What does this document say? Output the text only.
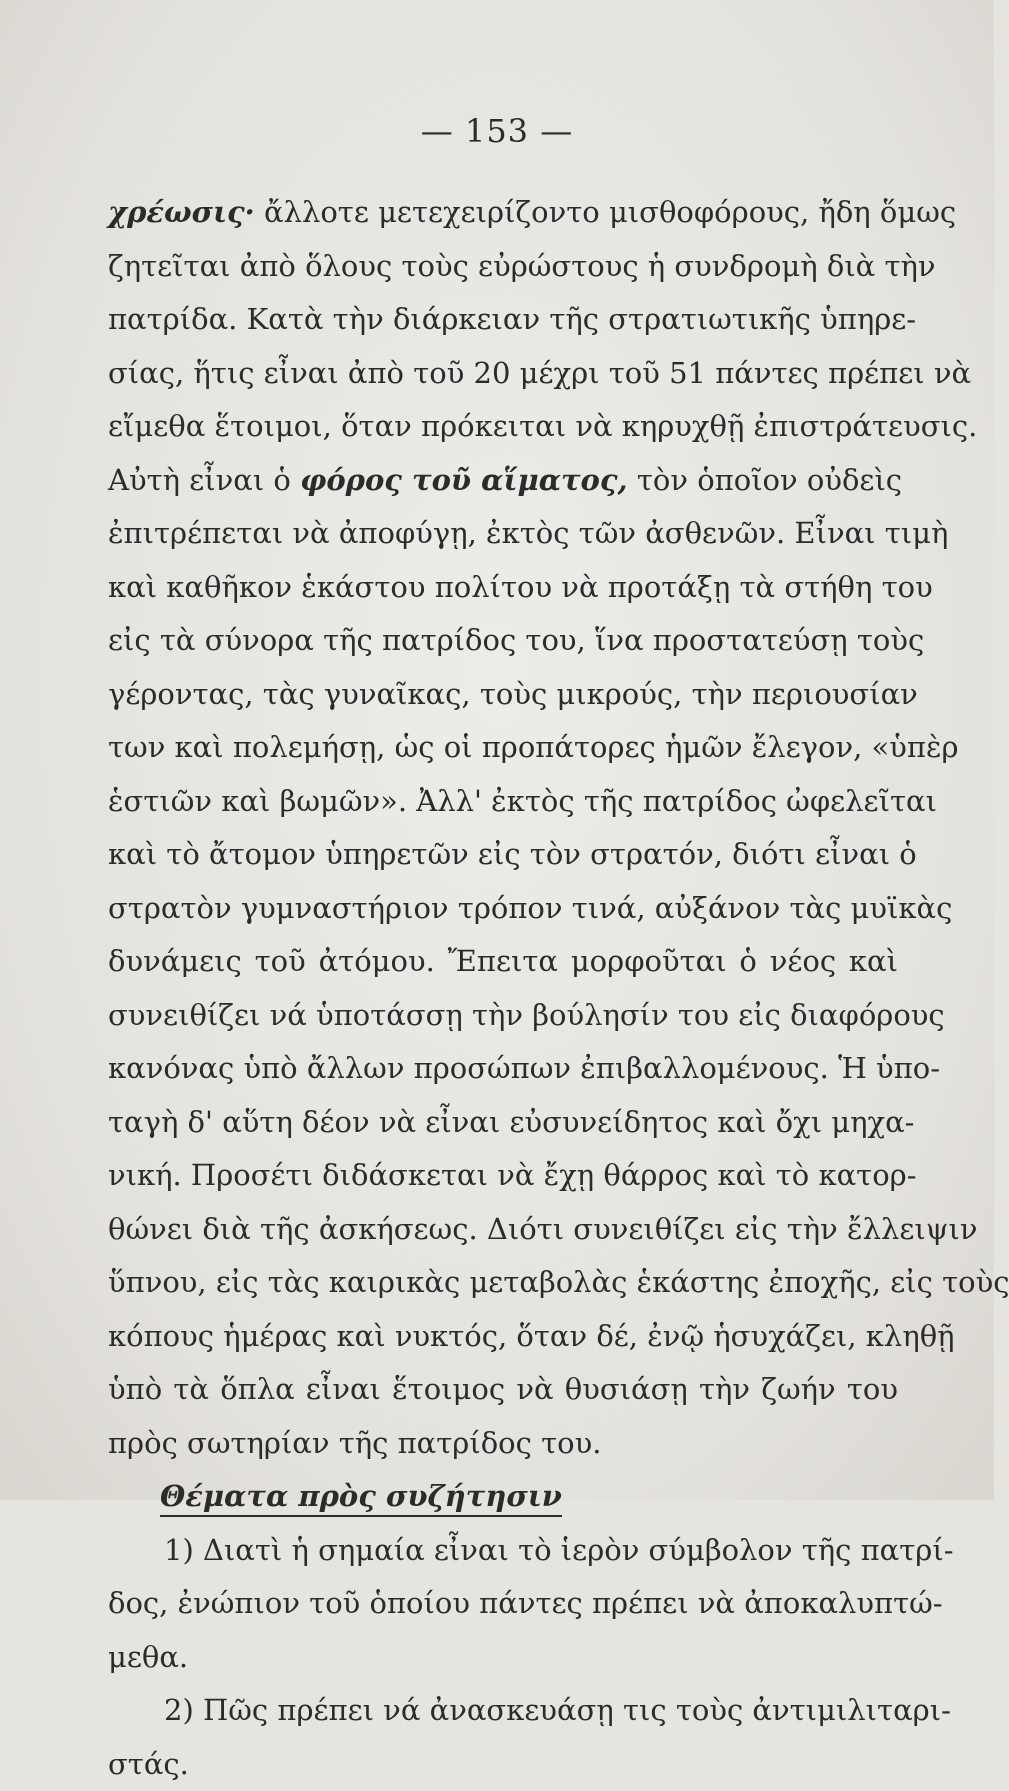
— 153 —
χρέωσις· ἄλλοτε μετεχειρίζοντο μισθοφόρους, ἤδη ὅμως
ζητεῖται ἀπὸ ὅλους τοὺς εὐρώστους ἡ συνδρομὴ διὰ τὴν
πατρίδα. Κατὰ τὴν διάρκειαν τῆς στρατιωτικῆς ὑπηρε-
σίας, ἥτις εἶναι ἀπὸ τοῦ 20 μέχρι τοῦ 51 πάντες πρέπει νὰ
εἴμεθα ἕτοιμοι, ὅταν πρόκειται νὰ κηρυχθῇ ἐπιστράτευσις.
Αὐτὴ εἶναι ὁ φόρος τοῦ αἵματος, τὸν ὁποῖον οὐδεὶς
ἐπιτρέπεται νὰ ἀποφύγῃ, ἐκτὸς τῶν ἀσθενῶν. Εἶναι τιμὴ
καὶ καθῆκον ἑκάστου πολίτου νὰ προτάξῃ τὰ στήθη του
εἰς τὰ σύνορα τῆς πατρίδος του, ἵνα προστατεύσῃ τοὺς
γέροντας, τὰς γυναῖκας, τοὺς μικρούς, τὴν περιουσίαν
των καὶ πολεμήσῃ, ὡς οἱ προπάτορες ἡμῶν ἔλεγον, «ὑπὲρ
ἑστιῶν καὶ βωμῶν». Ἀλλ' ἐκτὸς τῆς πατρίδος ὠφελεῖται
καὶ τὸ ἄτομον ὑπηρετῶν εἰς τὸν στρατόν, διότι εἶναι ὁ
στρατὸν γυμναστήριον τρόπον τινά, αὐξάνον τὰς μυϊκὰς
δυνάμεις τοῦ ἀτόμου. Ἔπειτα μορφοῦται ὁ νέος καὶ
συνειθίζει νά ὑποτάσσῃ τὴν βούλησίν του εἰς διαφόρους
κανόνας ὑπὸ ἄλλων προσώπων ἐπιβαλλομένους. Ἡ ὑπο-
ταγὴ δ' αὕτη δέον νὰ εἶναι εὐσυνείδητος καὶ ὄχι μηχα-
νική. Προσέτι διδάσκεται νὰ ἔχῃ θάρρος καὶ τὸ κατορ-
θώνει διὰ τῆς ἀσκήσεως. Διότι συνειθίζει εἰς τὴν ἔλλειψιν
ὕπνου, εἰς τὰς καιρικὰς μεταβολὰς ἑκάστης ἐποχῆς, εἰς τοὺς
κόπους ἡμέρας καὶ νυκτός, ὅταν δέ, ἐνῷ ἡσυχάζει, κληθῇ
ὑπὸ τὰ ὅπλα εἶναι ἕτοιμος νὰ θυσιάσῃ τὴν ζωήν του
πρὸς σωτηρίαν τῆς πατρίδος του.
Θέματα πρὸς συζήτησιν
1) Διατὶ ἡ σημαία εἶναι τὸ ἱερὸν σύμβολον τῆς πατρί-
δος, ἐνώπιον τοῦ ὁποίου πάντες πρέπει νὰ ἀποκαλυπτώ-
μεθα.
2) Πῶς πρέπει νά ἀνασκευάσῃ τις τοὺς ἀντιμιλιταρι-
στάς.
